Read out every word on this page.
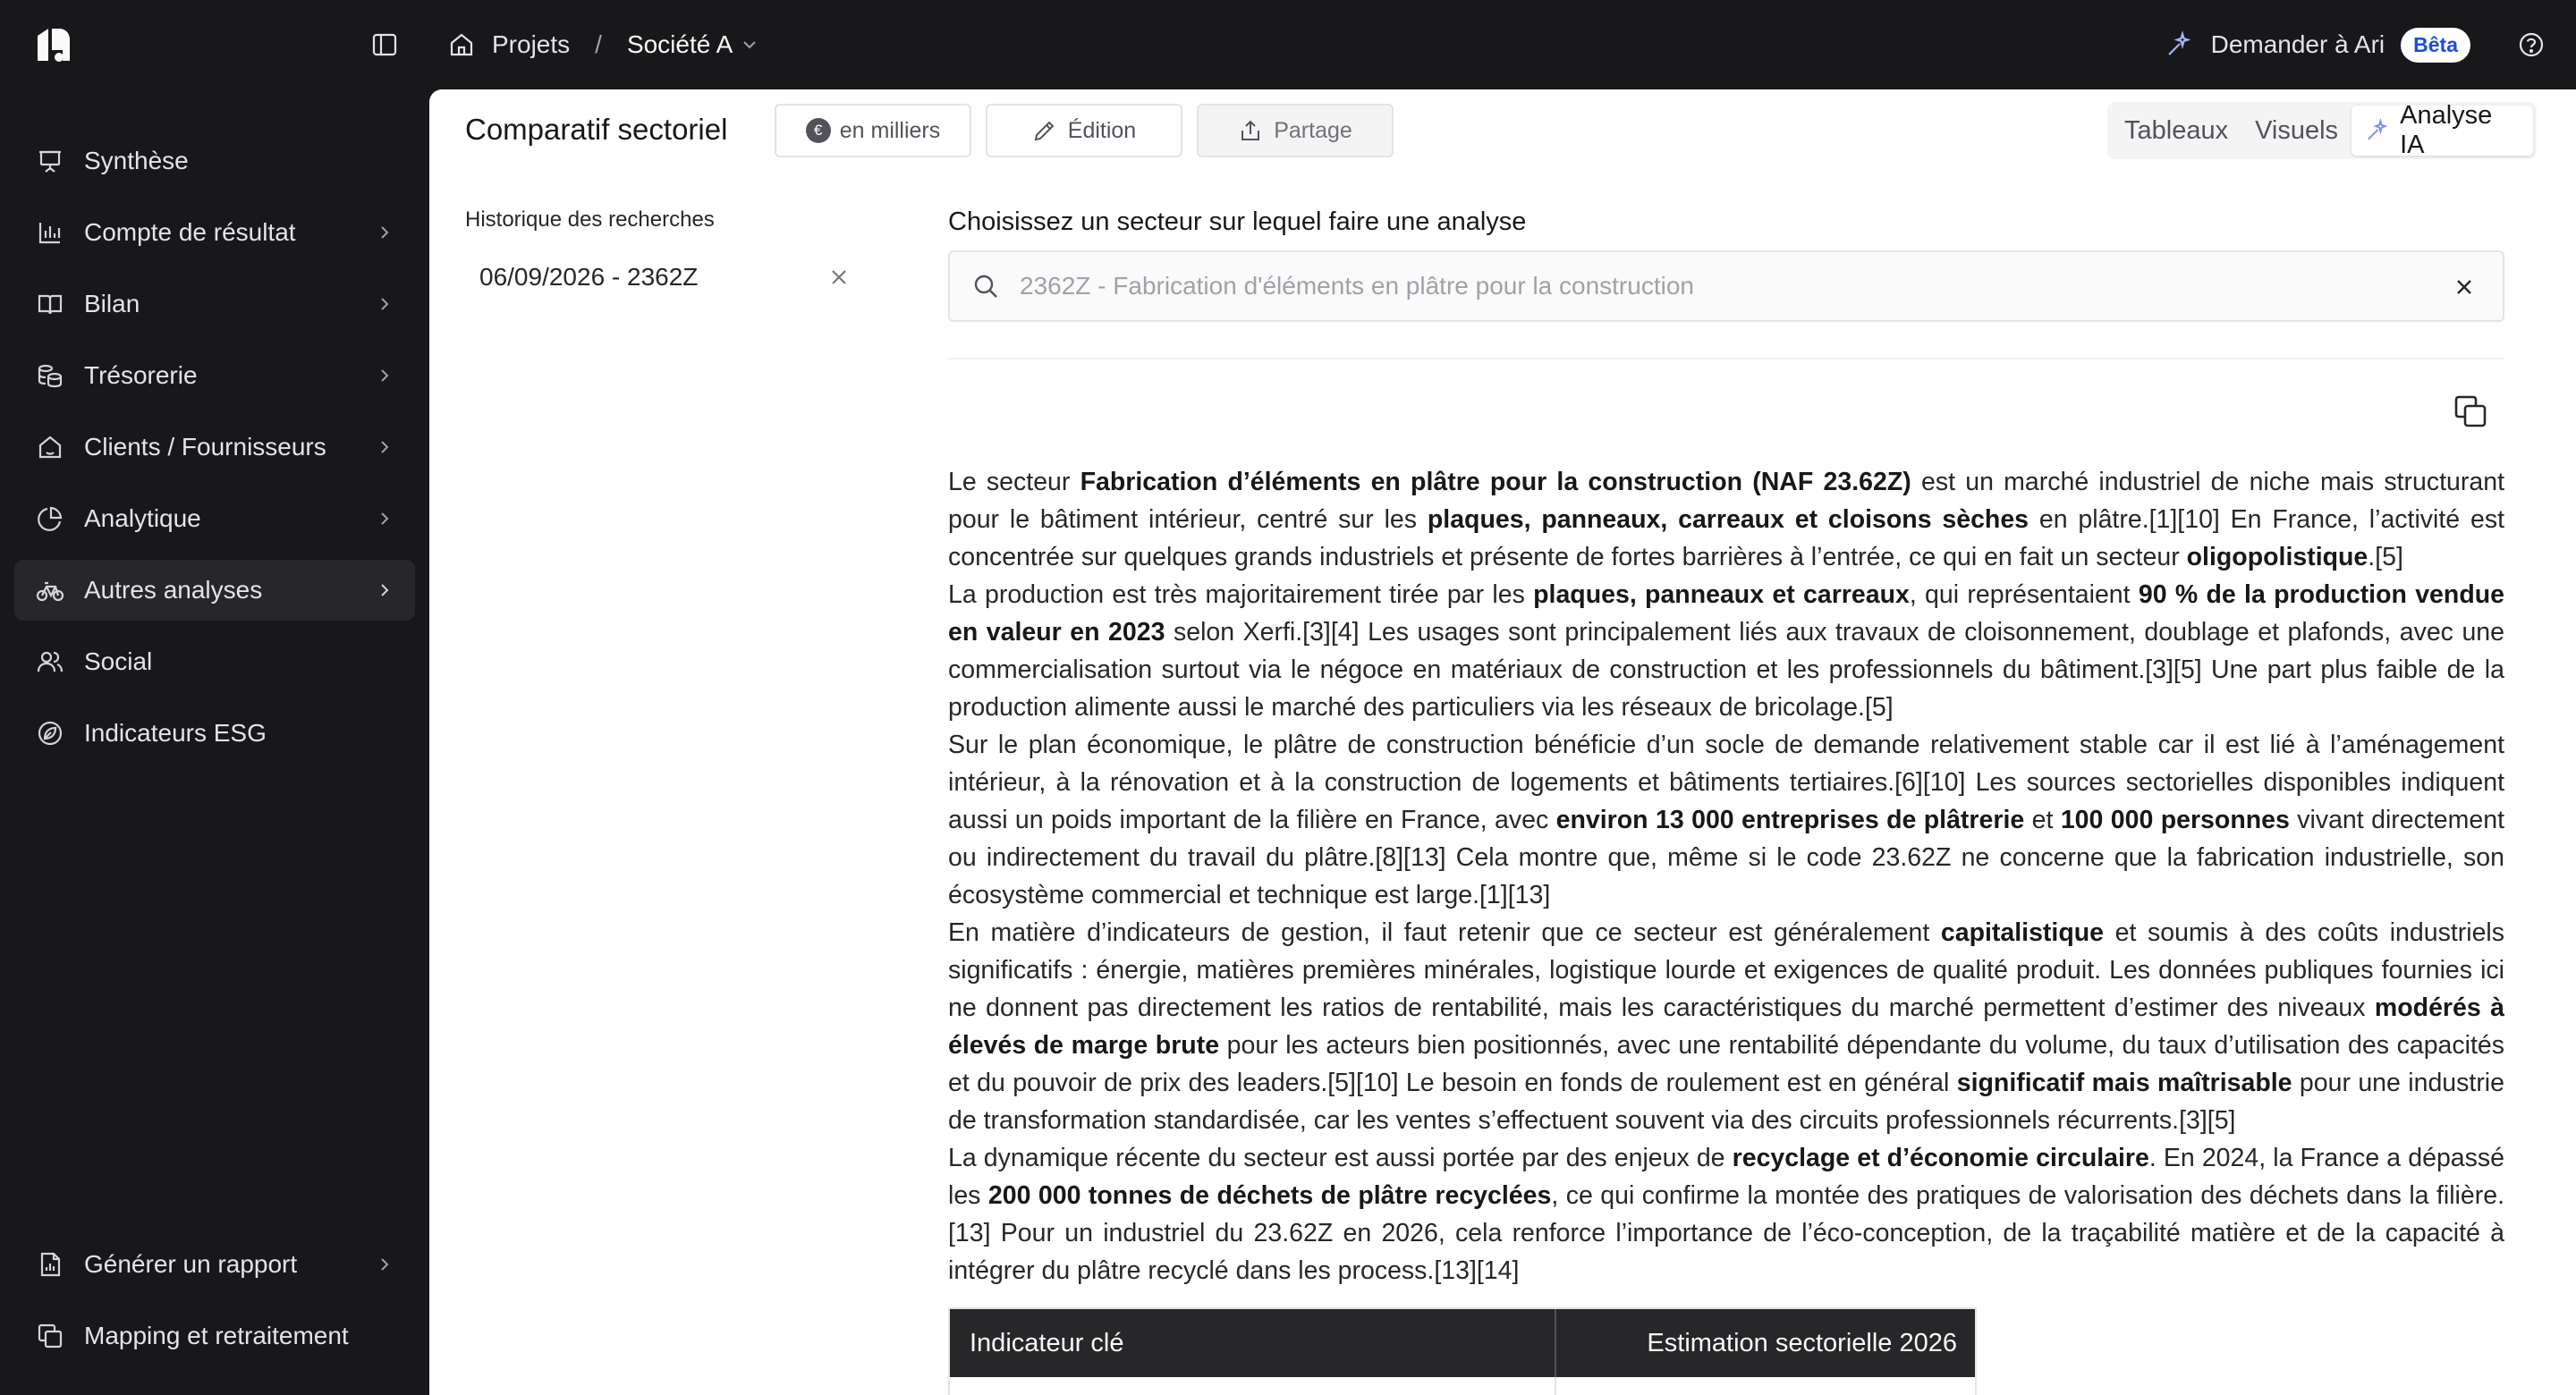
Projets / Société A	Demander à Ari	Bêta
Synthèse
Compte de résultat
Bilan
Trésorerie
Clients / Fournisseurs
Analytique
Autres analyses
Social
Indicateurs ESG
Générer un rapport
Mapping et retraitement
Comparatif sectoriel	€ en milliers	Édition	Partage	Tableaux	Visuels
Analyse IA
Historique des recherches
06/09/2026 - 2362Z
Choisissez un secteur sur lequel faire une analyse
2362Z - Fabrication d'éléments en plâtre pour la construction

Le secteur Fabrication d’éléments en plâtre pour la construction (NAF 23.62Z) est un marché industriel de niche mais structurant pour le bâtiment intérieur, centré sur les plaques, panneaux, carreaux et cloisons sèches en plâtre.[1][10] En France, l’activité est concentrée sur quelques grands industriels et présente de fortes barrières à l’entrée, ce qui en fait un secteur oligopolistique.[5]

La production est très majoritairement tirée par les plaques, panneaux et carreaux, qui représentaient 90 % de la production vendue en valeur en 2023 selon Xerfi.[3][4] Les usages sont principalement liés aux travaux de cloisonnement, doublage et plafonds, avec une commercialisation surtout via le négoce en matériaux de construction et les professionnels du bâtiment.[3][5] Une part plus faible de la production alimente aussi le marché des particuliers via les réseaux de bricolage.[5]

Sur le plan économique, le plâtre de construction bénéficie d’un socle de demande relativement stable car il est lié à l’aménagement intérieur, à la rénovation et à la construction de logements et bâtiments tertiaires.[6][10] Les sources sectorielles disponibles indiquent aussi un poids important de la filière en France, avec environ 13 000 entreprises de plâtrerie et 100 000 personnes vivant directement ou indirectement du travail du plâtre.[8][13] Cela montre que, même si le code 23.62Z ne concerne que la fabrication industrielle, son écosystème commercial et technique est large.[1][13]

En matière d’indicateurs de gestion, il faut retenir que ce secteur est généralement capitalistique et soumis à des coûts industriels significatifs : énergie, matières premières minérales, logistique lourde et exigences de qualité produit. Les données publiques fournies ici ne donnent pas directement les ratios de rentabilité, mais les caractéristiques du marché permettent d’estimer des niveaux modérés à élevés de marge brute pour les acteurs bien positionnés, avec une rentabilité dépendante du volume, du taux d’utilisation des capacités et du pouvoir de prix des leaders.[5][10] Le besoin en fonds de roulement est en général significatif mais maîtrisable pour une industrie de transformation standardisée, car les ventes s’effectuent souvent via des circuits professionnels récurrents.[3][5]

La dynamique récente du secteur est aussi portée par des enjeux de recyclage et d’économie circulaire. En 2024, la France a dépassé les 200 000 tonnes de déchets de plâtre recyclées, ce qui confirme la montée des pratiques de valorisation des déchets dans la filière.[13] Pour un industriel du 23.62Z en 2026, cela renforce l’importance de l’éco-conception, de la traçabilité matière et de la capacité à intégrer du plâtre recyclé dans les process.[13][14]

Indicateur clé	Estimation sectorielle 2026
